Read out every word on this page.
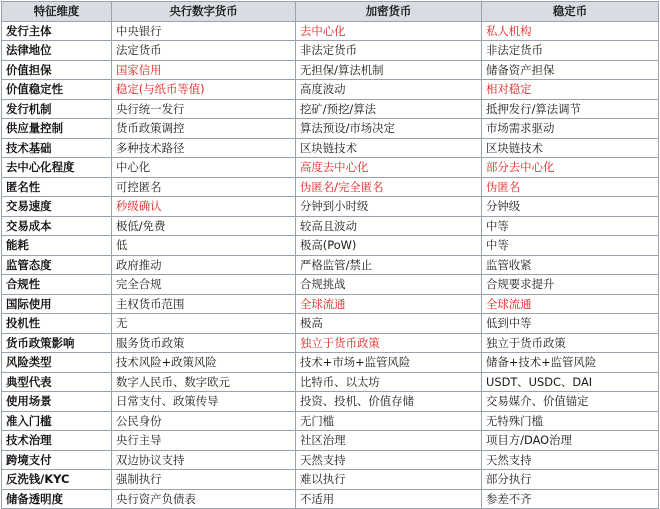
特征维度	央行数字货币	加密货币	稳定币
发行主体	中央银行	去中心化	私人机构
法律地位	法定货币	非法定货币	非法定货币
价值担保	国家信用	无担保/算法机制	储备资产担保
价值稳定性	稳定(与纸币等值)	高度波动	相对稳定
发行机制	央行统一发行	挖矿/预挖/算法	抵押发行/算法调节
供应量控制	货币政策调控	算法预设/市场决定	市场需求驱动
技术基础	多种技术路径	区块链技术	区块链技术
去中心化程度	中心化	高度去中心化	部分去中心化
匿名性	可控匿名	伪匿名/完全匿名	伪匿名
交易速度	秒级确认	分钟到小时级	分钟级
交易成本	极低/免费	较高且波动	中等
能耗	低	极高(PoW)	中等
监管态度	政府推动	严格监管/禁止	监管收紧
合规性	完全合规	合规挑战	合规要求提升
国际使用	主权货币范围	全球流通	全球流通
投机性	无	极高	低到中等
货币政策影响	服务货币政策	独立于货币政策	独立于货币政策
风险类型	技术风险+政策风险	技术+市场+监管风险	储备+技术+监管风险
典型代表	数字人民币、数字欧元	比特币、以太坊	USDT、USDC、DAI
使用场景	日常支付、政策传导	投资、投机、价值存储	交易媒介、价值锚定
准入门槛	公民身份	无门槛	无特殊门槛
技术治理	央行主导	社区治理	项目方/DAO治理
跨境支付	双边协议支持	天然支持	天然支持
反洗钱/KYC	强制执行	难以执行	部分执行
储备透明度	央行资产负债表	不适用	参差不齐
